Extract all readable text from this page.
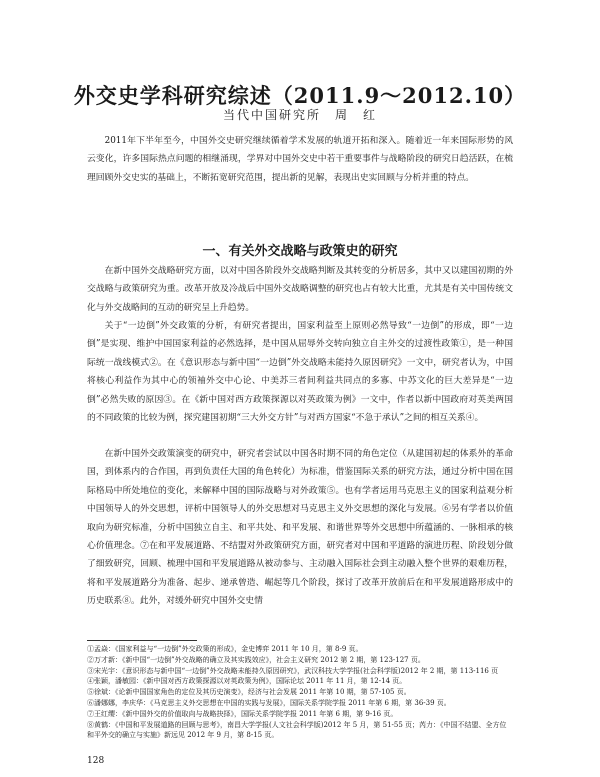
外交史学科研究综述（2011.9～2012.10）
当代中国研究所　周　红

2011年下半年至今，中国外交史研究继续循着学术发展的轨道开拓和深入。随着近一年来国际形势的风云变化，许多国际热点问题的相继涌现，学界对中国外交史中若干重要事件与战略阶段的研究日趋活跃，在梳理回顾外交史实的基础上，不断拓宽研究范围，提出新的见解，表现出史实回顾与分析并重的特点。

一、有关外交战略与政策史的研究

在新中国外交战略研究方面，以对中国各阶段外交战略判断及其转变的分析居多，其中又以建国初期的外交战略与政策研究为重。改革开放及冷战后中国外交战略调整的研究也占有较大比重，尤其是有关中国传统文化与外交战略间的互动的研究呈上升趋势。

关于“一边倒”外交政策的分析，有研究者提出，国家利益至上原则必然导致“一边倒”的形成，即“一边倒”是实现、维护中国国家利益的必然选择，是中国从屈辱外交转向独立自主外交的过渡性政策①，是一种国际统一战线模式②。在《意识形态与新中国“一边倒”外交战略未能持久原因研究》一文中，研究者认为，中国将核心利益作为其中心的领袖外交中心论、中美苏三者间利益共同点的多寡、中苏文化的巨大差异是“一边倒”必然失败的原因③。在《新中国对西方政策探源以对英政策为例》一文中，作者以新中国政府对英美两国的不同政策的比较为例，探究建国初期“三大外交方针”与对西方国家“不急于承认”之间的相互关系④。

在新中国外交政策演变的研究中，研究者尝试以中国各时期不同的角色定位（从建国初起的体系外的革命国，到体系内的合作国，再到负责任大国的角色转化）为标准，借鉴国际关系的研究方法，通过分析中国在国际格局中所处地位的变化，来解释中国的国际战略与对外政策⑤。也有学者运用马克思主义的国家利益观分析中国领导人的外交思想，评析中国领导人的外交思想对马克思主义外交思想的深化与发展。⑥另有学者以价值取向为研究标准，分析中国独立自主、和平共处、和平发展、和谐世界等外交思想中所蕴涵的、一脉相承的核心价值理念。⑦在和平发展道路、不结盟对外政策研究方面，研究者对中国和平道路的演进历程、阶段划分做了细致研究，回顾、梳理中国和平发展道路从被动参与、主动融入国际社会到主动融入整个世界的艰难历程，将和平发展道路分为准备、起步、递承曾造、崛起等几个阶段，探讨了改革开放前后在和平发展道路形成中的历史联系⑧。此外，对缓外研究中国外交史情

①孟焱：《国家利益与“一边倒”外交政策的形成》，金史博弈 2011 年 10 月，第 8-9 页。
②万才新：《新中国“一边倒”外交战略的确立及其实践效应》，社会主义研究 2012 第 2 期，第 123-127 页。
③宋光宇：《意识形态与新中国“一边倒”外交战略未能持久原因研究》，武汉科技大学学报(社会科学版)2012 年 2 期，第 113-116 页
④张颖，潘敏园：《新中国对西方政策探源以对英政策为例》，国际论坛 2011 年 11 月，第 12-14 页。
⑤徐斌：《论新中国国家角色的定位及其历史演变》，经济与社会发展 2011 年第 10 期，第 57-105 页。
⑥潘娜娜，李庆华：《马克思主义外交思想在中国的实践与发展》，国际关系学院学报 2011 年第 6 期，第 36-39 页。
⑦王红缨：《新中国外交的价值取向与战略抉择》，国际关系学院学报 2011 年第 6 期，第 9-16 页。
⑧黄鹤：《中国和平发展道路的回顾与思考》，南昌大学学报(人文社会科学版)2012 年 5 月，第 51-55 页；芮力：《中国不结盟、全方位和平外交的确立与实施》新远见 2012 年 9 月，第 8-15 页。
128
